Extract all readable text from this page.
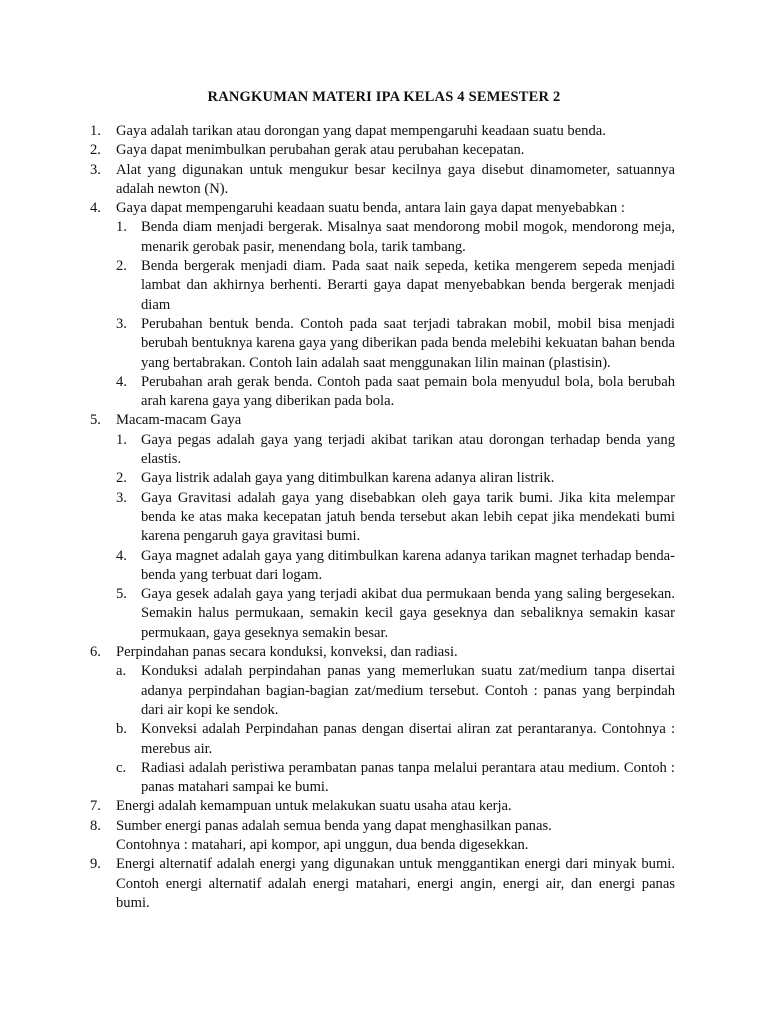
RANGKUMAN MATERI IPA KELAS 4 SEMESTER 2
1. Gaya adalah tarikan atau dorongan yang dapat mempengaruhi keadaan suatu benda.
2. Gaya dapat menimbulkan perubahan gerak atau perubahan kecepatan.
3. Alat yang digunakan untuk mengukur besar kecilnya gaya disebut dinamometer, satuannya adalah newton (N).
4. Gaya dapat mempengaruhi keadaan suatu benda, antara lain gaya dapat menyebabkan :
1. Benda diam menjadi bergerak. Misalnya saat mendorong mobil mogok, mendorong meja, menarik gerobak pasir, menendang bola, tarik tambang.
2. Benda bergerak menjadi diam. Pada saat naik sepeda, ketika mengerem sepeda menjadi lambat dan akhirnya berhenti. Berarti gaya dapat menyebabkan benda bergerak menjadi diam
3. Perubahan bentuk benda. Contoh pada saat terjadi tabrakan mobil, mobil bisa menjadi berubah bentuknya karena gaya yang diberikan pada benda melebihi kekuatan bahan benda yang bertabrakan. Contoh lain adalah saat menggunakan lilin mainan (plastisin).
4. Perubahan arah gerak benda. Contoh pada saat pemain bola menyudul bola, bola berubah arah karena gaya yang diberikan pada bola.
5. Macam-macam Gaya
1. Gaya pegas adalah gaya yang terjadi akibat tarikan atau dorongan terhadap benda yang elastis.
2. Gaya listrik adalah gaya yang ditimbulkan karena adanya aliran listrik.
3. Gaya Gravitasi adalah gaya yang disebabkan oleh gaya tarik bumi. Jika kita melempar benda ke atas maka kecepatan jatuh benda tersebut akan lebih cepat jika mendekati bumi karena pengaruh gaya gravitasi bumi.
4. Gaya magnet adalah gaya yang ditimbulkan karena adanya tarikan magnet terhadap benda-benda yang terbuat dari logam.
5. Gaya gesek adalah gaya yang terjadi akibat dua permukaan benda yang saling bergesekan. Semakin halus permukaan, semakin kecil gaya geseknya dan sebaliknya semakin kasar permukaan, gaya geseknya semakin besar.
6. Perpindahan panas secara konduksi, konveksi, dan radiasi.
a. Konduksi adalah perpindahan panas yang memerlukan suatu zat/medium tanpa disertai adanya perpindahan bagian-bagian zat/medium tersebut. Contoh : panas yang berpindah dari air kopi ke sendok.
b. Konveksi adalah Perpindahan panas dengan disertai aliran zat perantaranya. Contohnya : merebus air.
c. Radiasi adalah peristiwa perambatan panas tanpa melalui perantara atau medium. Contoh : panas matahari sampai ke bumi.
7. Energi adalah kemampuan untuk melakukan suatu usaha atau kerja.
8. Sumber energi panas adalah semua benda yang dapat menghasilkan panas.
Contohnya : matahari, api kompor, api unggun, dua benda digesekkan.
9. Energi alternatif adalah energi yang digunakan untuk menggantikan energi dari minyak bumi. Contoh energi alternatif adalah energi matahari, energi angin, energi air, dan energi panas bumi.
